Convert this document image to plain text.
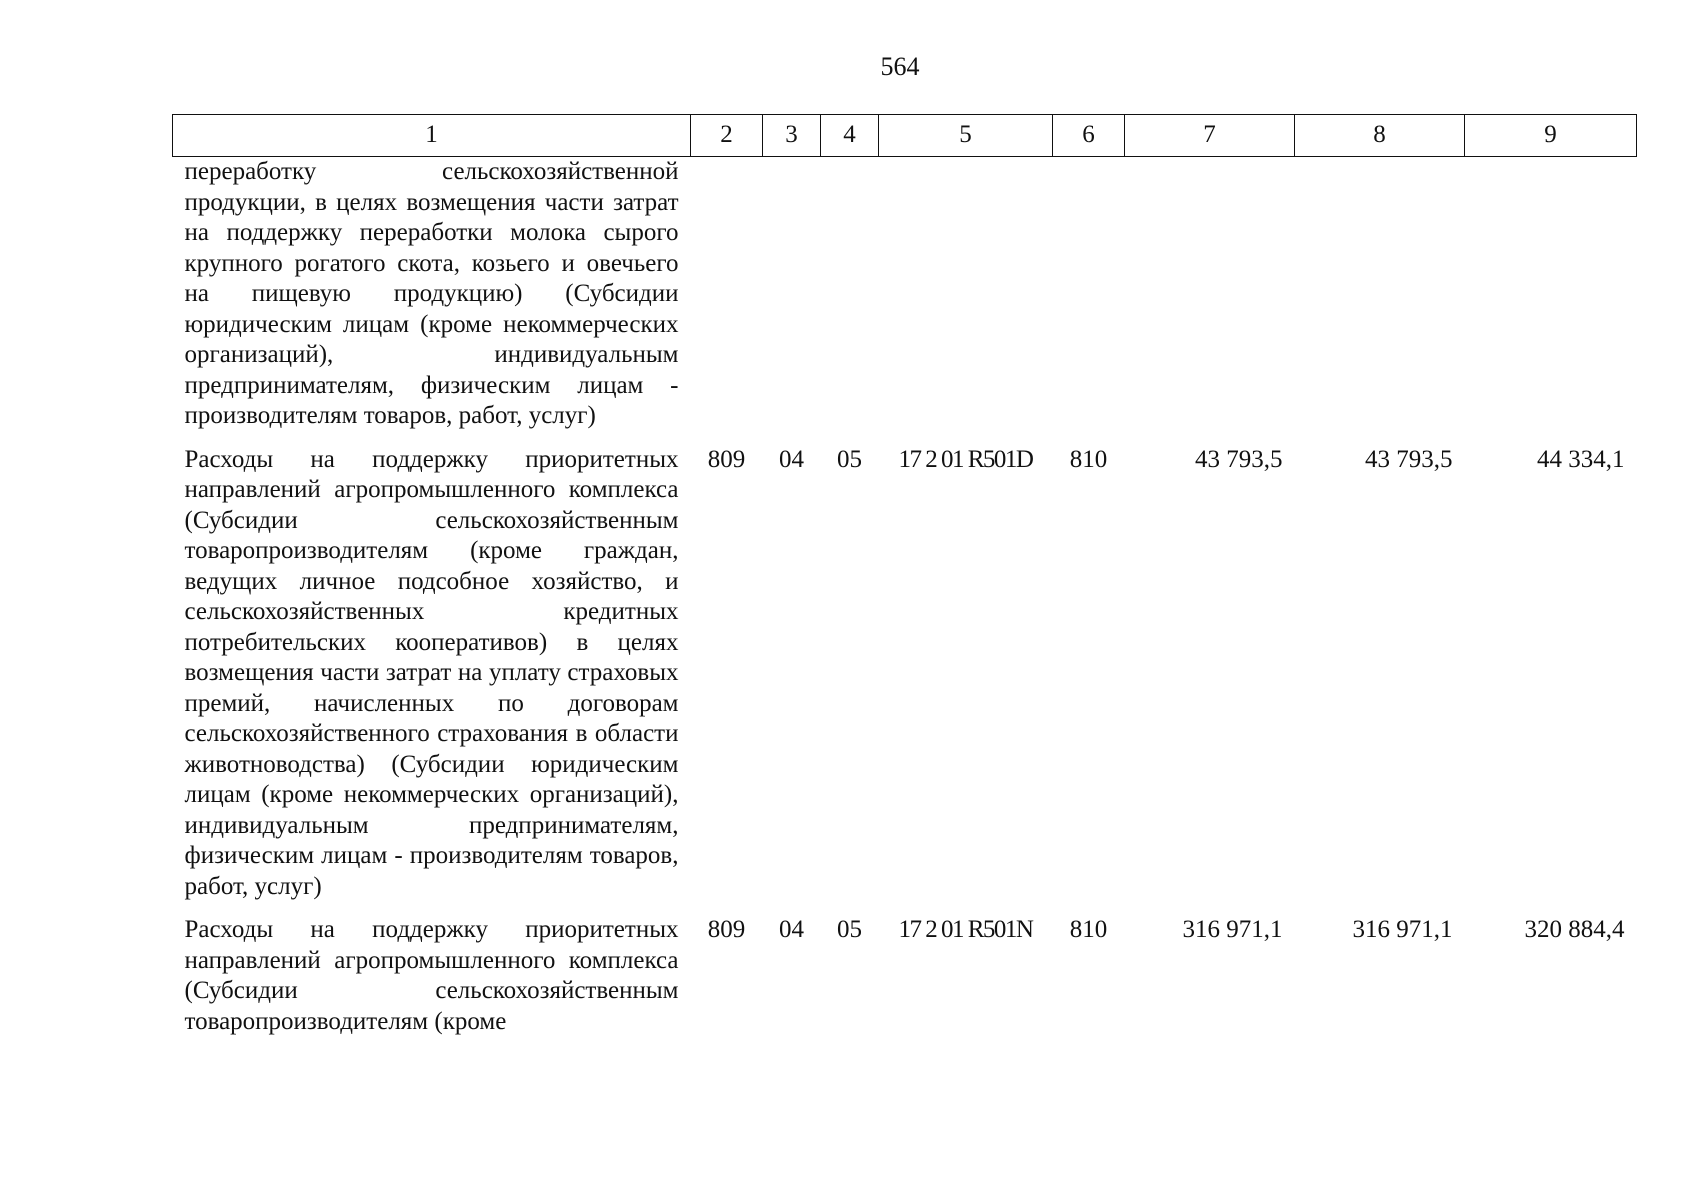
564
1	2	3	4	5	6	7	8	9
переработку сельскохозяйственной продукции, в целях возмещения части затрат на поддержку переработки молока сырого крупного рогатого скота, козьего и овечьего на пищевую продукцию) (Субсидии юридическим лицам (кроме некоммерческих организаций), индивидуальным предпринимателям, физическим лицам - производителям товаров, работ, услуг)								
Расходы на поддержку приоритетных направлений агропромышленного комплекса (Субсидии сельскохозяйственным товаропроизводителям (кроме граждан, ведущих личное подсобное хозяйство, и сельскохозяйственных кредитных потребительских кооперативов) в целях возмещения части затрат на уплату страховых премий, начисленных по договорам сельскохозяйственного страхования в области животноводства) (Субсидии юридическим лицам (кроме некоммерческих организаций), индивидуальным предпринимателям, физическим лицам - производителям товаров, работ, услуг)	809	04	05	17 2 01 R501D	810	43 793,5	43 793,5	44 334,1
Расходы на поддержку приоритетных направлений агропромышленного комплекса (Субсидии сельскохозяйственным товаропроизводителям (кроме	809	04	05	17 2 01 R501N	810	316 971,1	316 971,1	320 884,4
